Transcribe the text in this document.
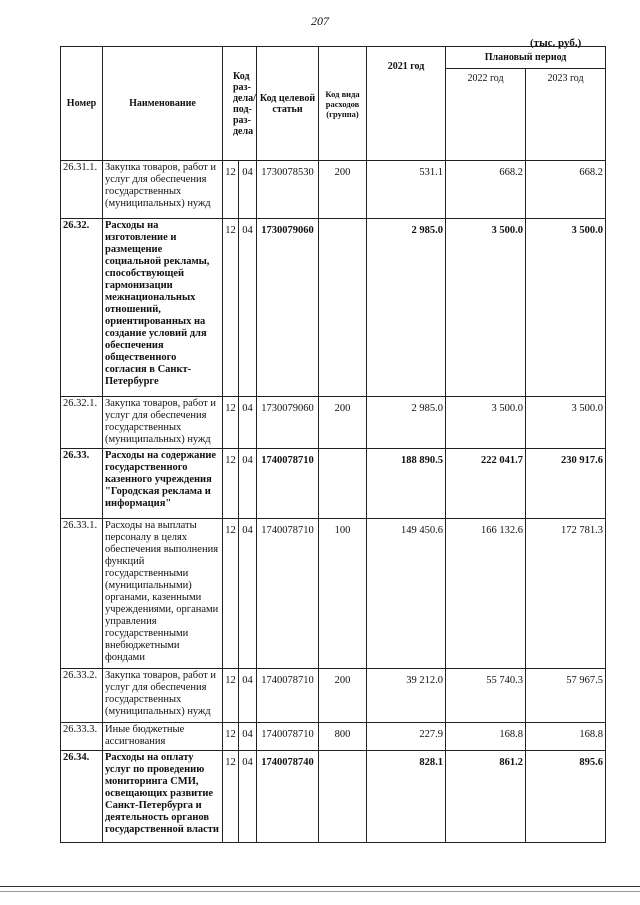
207
(тыс. руб.)
Номер	Наименование	Код раз-дела/под-раз-дела		Код целевой статьи	Код вида расходов (группа)	2021 год	Плановый период	
							2022 год	2023 год
26.31.1.	Закупка товаров, работ и услуг для обеспечения государственных (муниципальных) нужд	12	04	1730078530	200	531.1	668.2	668.2
26.32.	Расходы на изготовление и размещение социальной рекламы, способствующей гармонизации межнациональных отношений, ориентированных на создание условий для обеспечения общественного согласия в Санкт-Петербурге	12	04	1730079060		2 985.0	3 500.0	3 500.0
26.32.1.	Закупка товаров, работ и услуг для обеспечения государственных (муниципальных) нужд	12	04	1730079060	200	2 985.0	3 500.0	3 500.0
26.33.	Расходы на содержание государственного казенного учреждения "Городская реклама и информация"	12	04	1740078710		188 890.5	222 041.7	230 917.6
26.33.1.	Расходы на выплаты персоналу в целях обеспечения выполнения функций государственными (муниципальными) органами, казенными учреждениями, органами управления государственными внебюджетными фондами	12	04	1740078710	100	149 450.6	166 132.6	172 781.3
26.33.2.	Закупка товаров, работ и услуг для обеспечения государственных (муниципальных) нужд	12	04	1740078710	200	39 212.0	55 740.3	57 967.5
26.33.3.	Иные бюджетные ассигнования	12	04	1740078710	800	227.9	168.8	168.8
26.34.	Расходы на оплату услуг по проведению мониторинга СМИ, освещающих развитие Санкт-Петербурга и деятельность органов государственной власти	12	04	1740078740		828.1	861.2	895.6
